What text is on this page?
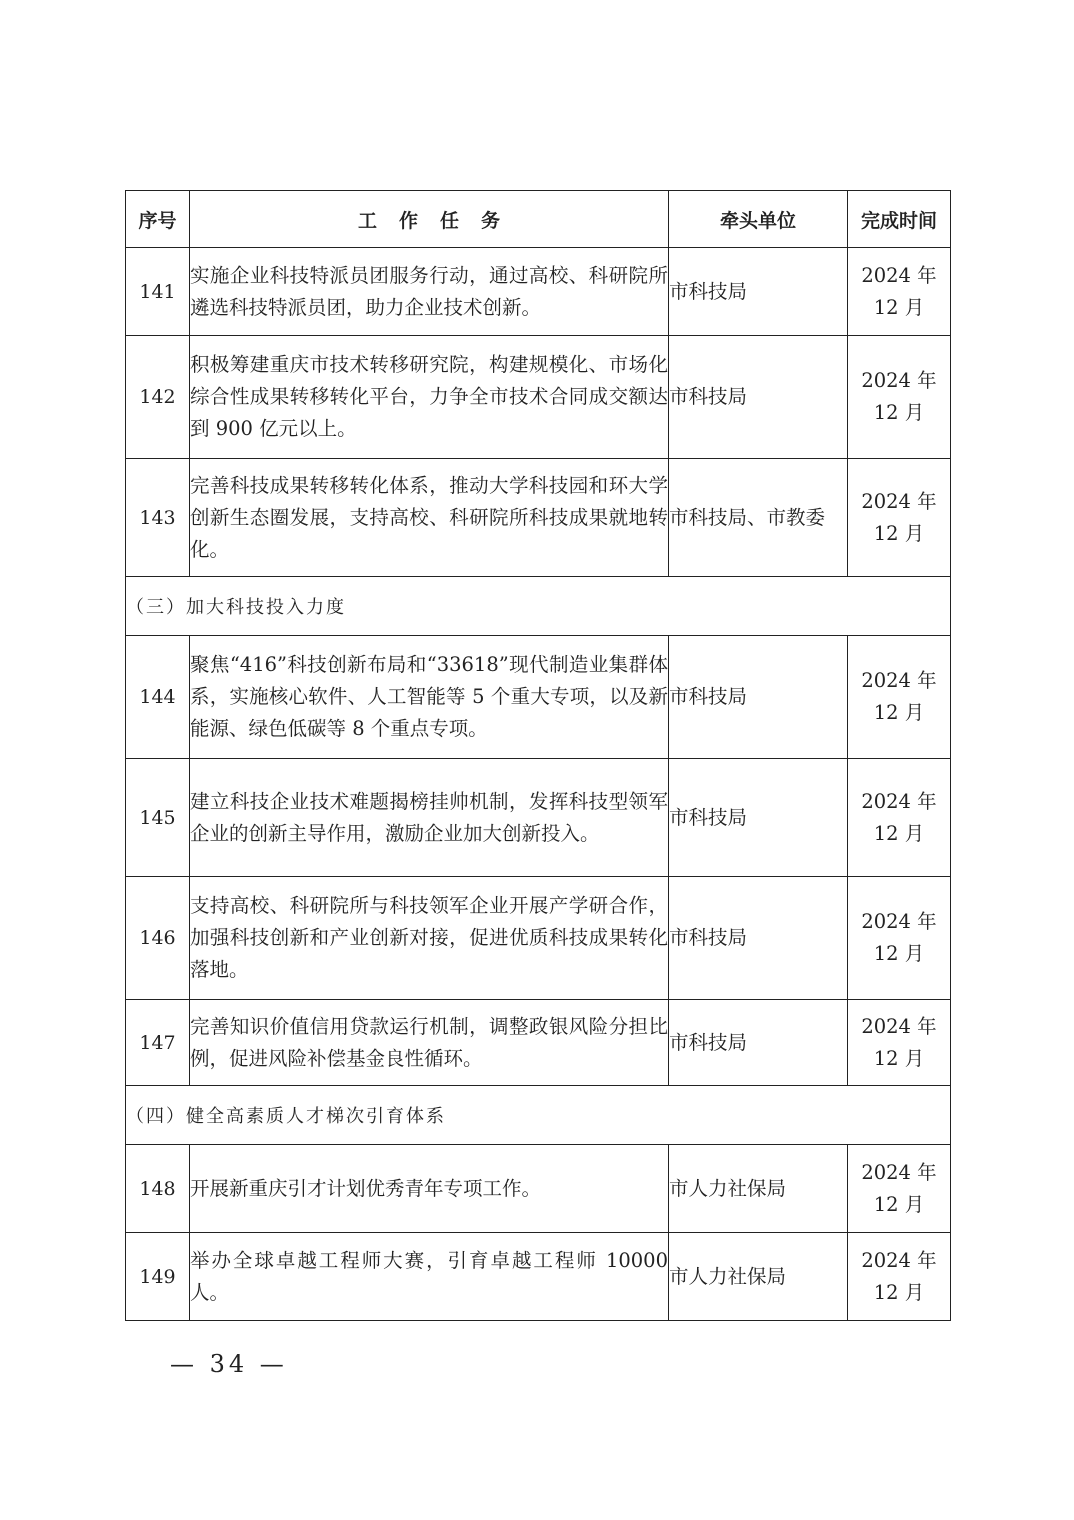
序号	工作任务	牵头单位	完成时间
141	实施企业科技特派员团服务行动，通过高校、科研院所遴选科技特派员团，助力企业技术创新。	市科技局	2024 年 12 月
142	积极筹建重庆市技术转移研究院，构建规模化、市场化综合性成果转移转化平台，力争全市技术合同成交额达到 900 亿元以上。	市科技局	2024 年 12 月
143	完善科技成果转移转化体系，推动大学科技园和环大学创新生态圈发展，支持高校、科研院所科技成果就地转化。	市科技局、市教委	2024 年 12 月
（三）加大科技投入力度			
144	聚焦“416”科技创新布局和“33618”现代制造业集群体系，实施核心软件、人工智能等 5 个重大专项，以及新能源、绿色低碳等 8 个重点专项。	市科技局	2024 年 12 月
145	建立科技企业技术难题揭榜挂帅机制，发挥科技型领军企业的创新主导作用，激励企业加大创新投入。	市科技局	2024 年 12 月
146	支持高校、科研院所与科技领军企业开展产学研合作，加强科技创新和产业创新对接，促进优质科技成果转化落地。	市科技局	2024 年 12 月
147	完善知识价值信用贷款运行机制，调整政银风险分担比例，促进风险补偿基金良性循环。	市科技局	2024 年 12 月
（四）健全高素质人才梯次引育体系			
148	开展新重庆引才计划优秀青年专项工作。	市人力社保局	2024 年 12 月
149	举办全球卓越工程师大赛，引育卓越工程师 10000 人。	市人力社保局	2024 年 12 月
— 34 —
